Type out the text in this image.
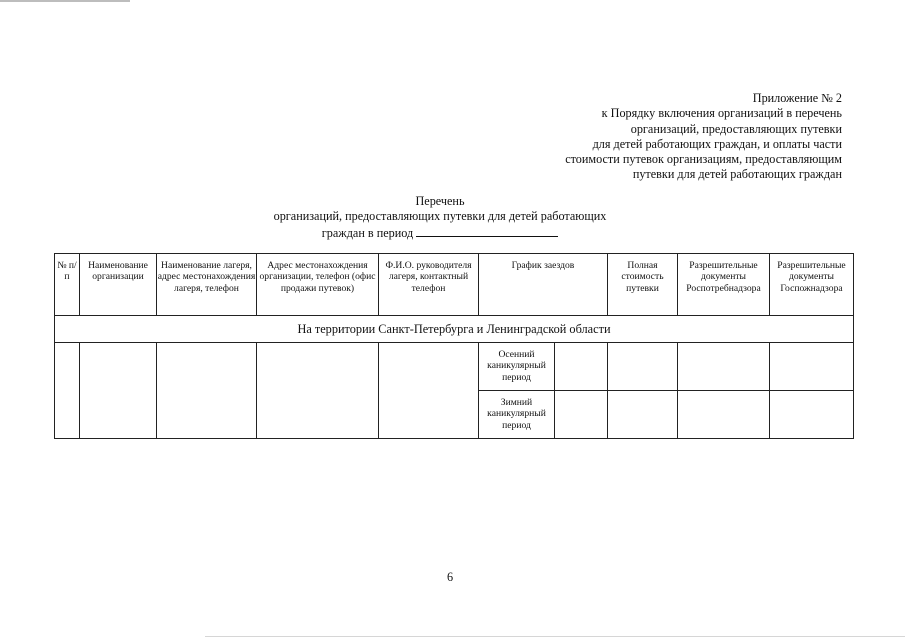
Приложение № 2
к Порядку включения организаций в перечень
организаций, предоставляющих путевки
для детей работающих граждан, и оплаты части
стоимости путевок организациям, предоставляющим
путевки для детей работающих граждан
Перечень
организаций, предоставляющих путевки для детей работающих
граждан в период
№ п/п	Наименование организации	Наименование лагеря, адрес местонахождения лагеря, телефон	Адрес местонахождения организации, телефон (офис продажи путевок)	Ф.И.О. руководителя лагеря, контактный телефон	График заездов		Полная стоимость путевки	Разрешительные документы Роспотребнадзора	Разрешительные документы Госпожнадзора
На территории Санкт-Петербурга и Ленинградской области									
					Осенний каникулярный период				
					Зимний каникулярный период				
6
